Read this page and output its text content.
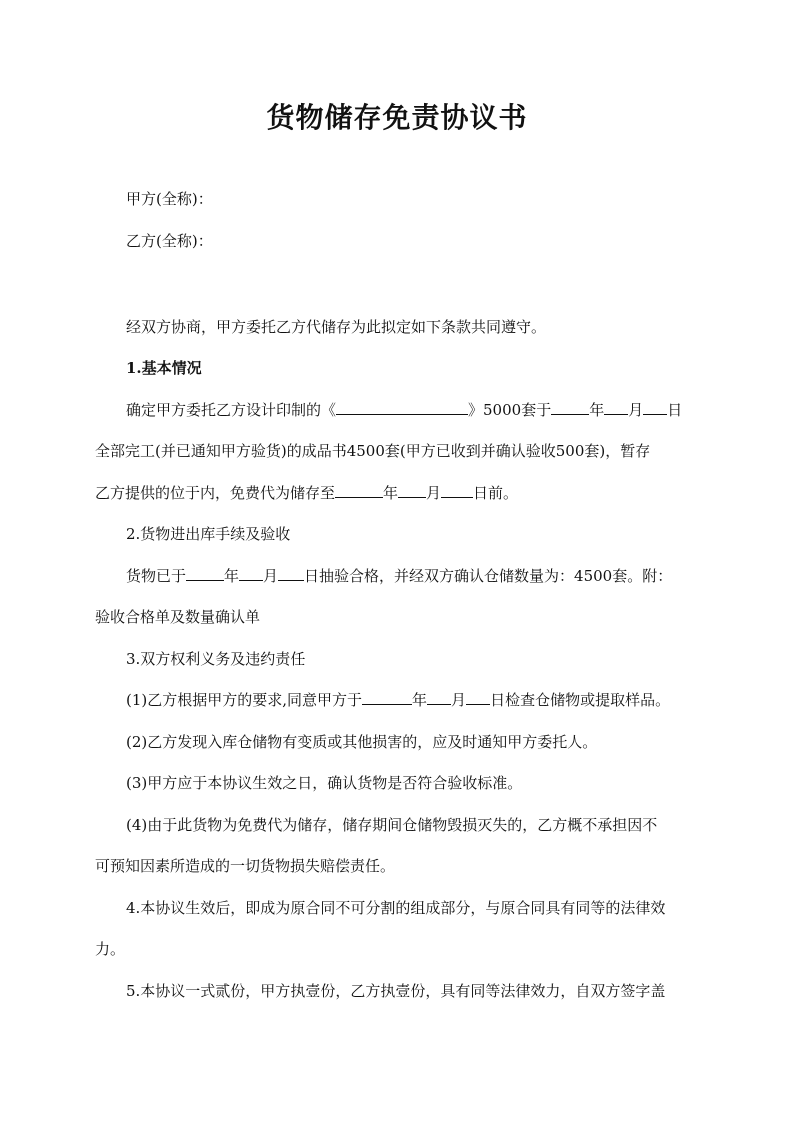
货物储存免责协议书

甲方(全称)：

乙方(全称)：

经双方协商，甲方委托乙方代储存为此拟定如下条款共同遵守。

1.基本情况

确定甲方委托乙方设计印制的《	》5000套于	年 月 日

全部完工(并已通知甲方验货)的成品书4500套(甲方已收到并确认验收500套)，暂存

乙方提供的位于内，免费代为储存至	年 月 日前。

2.货物进出库手续及验收

货物已于	年 月 日抽验合格，并经双方确认仓储数量为：4500套。附：

验收合格单及数量确认单

3.双方权利义务及违约责任

(1)乙方根据甲方的要求,同意甲方于	年 月 日检查仓储物或提取样品。

(2)乙方发现入库仓储物有变质或其他损害的，应及时通知甲方委托人。

(3)甲方应于本协议生效之日，确认货物是否符合验收标准。

(4)由于此货物为免费代为储存，储存期间仓储物毁损灭失的，乙方概不承担因不

可预知因素所造成的一切货物损失赔偿责任。

4.本协议生效后，即成为原合同不可分割的组成部分，与原合同具有同等的法律效

力。

5.本协议一式贰份，甲方执壹份，乙方执壹份，具有同等法律效力，自双方签字盖
